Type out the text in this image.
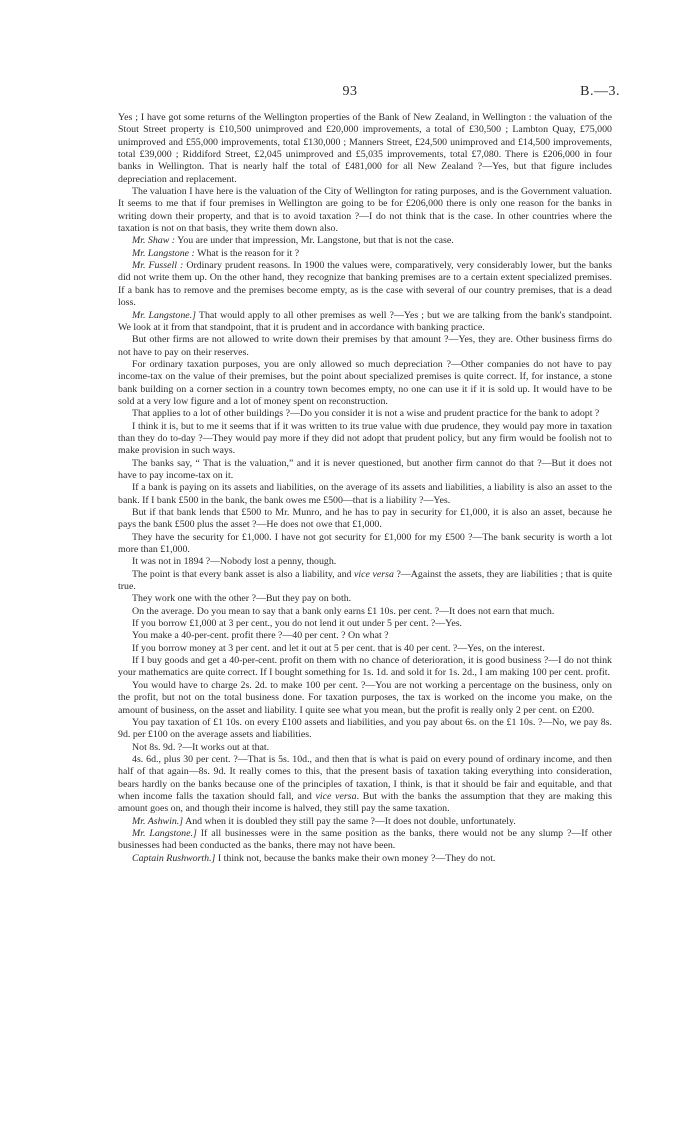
93	B.—3.

Yes ; I have got some returns of the Wellington properties of the Bank of New Zealand, in Wellington : the valuation of the Stout Street property is £10,500 unimproved and £20,000 improvements, a total of £30,500 ; Lambton Quay, £75,000 unimproved and £55,000 improvements, total £130,000 ; Manners Street, £24,500 unimproved and £14,500 improvements, total £39,000 ; Riddiford Street, £2,045 unimproved and £5,035 improvements, total £7,080. There is £206,000 in four banks in Wellington. That is nearly half the total of £481,000 for all New Zealand ?—Yes, but that figure includes depreciation and replacement.

The valuation I have here is the valuation of the City of Wellington for rating purposes, and is the Government valuation. It seems to me that if four premises in Wellington are going to be for £206,000 there is only one reason for the banks in writing down their property, and that is to avoid taxation ?—I do not think that is the case. In other countries where the taxation is not on that basis, they write them down also.

Mr. Shaw : You are under that impression, Mr. Langstone, but that is not the case.

Mr. Langstone : What is the reason for it ?

Mr. Fussell : Ordinary prudent reasons. In 1900 the values were, comparatively, very considerably lower, but the banks did not write them up. On the other hand, they recognize that banking premises are to a certain extent specialized premises. If a bank has to remove and the premises become empty, as is the case with several of our country premises, that is a dead loss.

Mr. Langstone.] That would apply to all other premises as well ?—Yes ; but we are talking from the bank's standpoint. We look at it from that standpoint, that it is prudent and in accordance with banking practice.

But other firms are not allowed to write down their premises by that amount ?—Yes, they are. Other business firms do not have to pay on their reserves.

For ordinary taxation purposes, you are only allowed so much depreciation ?—Other companies do not have to pay income-tax on the value of their premises, but the point about specialized premises is quite correct. If, for instance, a stone bank building on a corner section in a country town becomes empty, no one can use it if it is sold up. It would have to be sold at a very low figure and a lot of money spent on reconstruction.

That applies to a lot of other buildings ?—Do you consider it is not a wise and prudent practice for the bank to adopt ?

I think it is, but to me it seems that if it was written to its true value with due prudence, they would pay more in taxation than they do to-day ?—They would pay more if they did not adopt that prudent policy, but any firm would be foolish not to make provision in such ways.

The banks say, “ That is the valuation,” and it is never questioned, but another firm cannot do that ?—But it does not have to pay income-tax on it.

If a bank is paying on its assets and liabilities, on the average of its assets and liabilities, a liability is also an asset to the bank. If I bank £500 in the bank, the bank owes me £500—that is a liability ?—Yes.

But if that bank lends that £500 to Mr. Munro, and he has to pay in security for £1,000, it is also an asset, because he pays the bank £500 plus the asset ?—He does not owe that £1,000.

They have the security for £1,000. I have not got security for £1,000 for my £500 ?—The bank security is worth a lot more than £1,000.

It was not in 1894 ?—Nobody lost a penny, though.

The point is that every bank asset is also a liability, and vice versa ?—Against the assets, they are liabilities ; that is quite true.

They work one with the other ?—But they pay on both.

On the average. Do you mean to say that a bank only earns £1 10s. per cent. ?—It does not earn that much.

If you borrow £1,000 at 3 per cent., you do not lend it out under 5 per cent. ?—Yes.

You make a 40-per-cent. profit there ?—40 per cent. ? On what ?

If you borrow money at 3 per cent. and let it out at 5 per cent. that is 40 per cent. ?—Yes, on the interest.

If I buy goods and get a 40-per-cent. profit on them with no chance of deterioration, it is good business ?—I do not think your mathematics are quite correct. If I bought something for 1s. 1d. and sold it for 1s. 2d., I am making 100 per cent. profit.

You would have to charge 2s. 2d. to make 100 per cent. ?—You are not working a percentage on the business, only on the profit, but not on the total business done. For taxation purposes, the tax is worked on the income you make, on the amount of business, on the asset and liability. I quite see what you mean, but the profit is really only 2 per cent. on £200.

You pay taxation of £1 10s. on every £100 assets and liabilities, and you pay about 6s. on the £1 10s. ?—No, we pay 8s. 9d. per £100 on the average assets and liabilities.

Not 8s. 9d. ?—It works out at that.

4s. 6d., plus 30 per cent. ?—That is 5s. 10d., and then that is what is paid on every pound of ordinary income, and then half of that again—8s. 9d. It really comes to this, that the present basis of taxation taking everything into consideration, bears hardly on the banks because one of the principles of taxation, I think, is that it should be fair and equitable, and that when income falls the taxation should fall, and vice versa. But with the banks the assumption that they are making this amount goes on, and though their income is halved, they still pay the same taxation.

Mr. Ashwin.] And when it is doubled they still pay the same ?—It does not double, unfortunately.

Mr. Langstone.] If all businesses were in the same position as the banks, there would not be any slump ?—If other businesses had been conducted as the banks, there may not have been.

Captain Rushworth.] I think not, because the banks make their own money ?—They do not.
